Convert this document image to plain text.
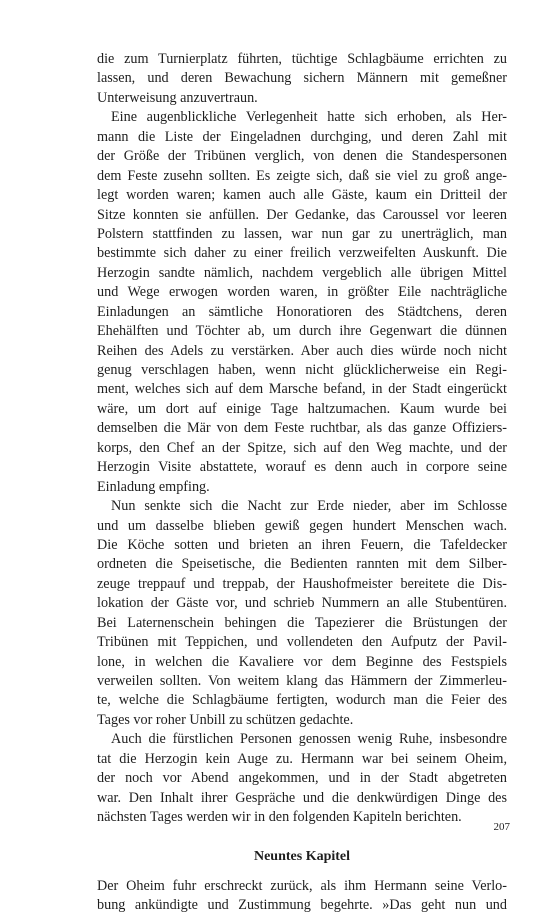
die zum Turnierplatz führten, tüchtige Schlagbäume errichten zu
lassen, und deren Bewachung sichern Männern mit gemeßner
Unterweisung anzuvertraun.
Eine augenblickliche Verlegenheit hatte sich erhoben, als Her-
mann die Liste der Eingeladnen durchging, und deren Zahl mit
der Größe der Tribünen verglich, von denen die Standespersonen
dem Feste zusehn sollten. Es zeigte sich, daß sie viel zu groß ange-
legt worden waren; kamen auch alle Gäste, kaum ein Dritteil der
Sitze konnten sie anfüllen. Der Gedanke, das Caroussel vor leeren
Polstern stattfinden zu lassen, war nun gar zu unerträglich, man
bestimmte sich daher zu einer freilich verzweifelten Auskunft. Die
Herzogin sandte nämlich, nachdem vergeblich alle übrigen Mittel
und Wege erwogen worden waren, in größter Eile nachträgliche
Einladungen an sämtliche Honoratioren des Städtchens, deren
Ehehälften und Töchter ab, um durch ihre Gegenwart die dünnen
Reihen des Adels zu verstärken. Aber auch dies würde noch nicht
genug verschlagen haben, wenn nicht glücklicherweise ein Regi-
ment, welches sich auf dem Marsche befand, in der Stadt eingerückt
wäre, um dort auf einige Tage haltzumachen. Kaum wurde bei
demselben die Mär von dem Feste ruchtbar, als das ganze Offiziers-
korps, den Chef an der Spitze, sich auf den Weg machte, und der
Herzogin Visite abstattete, worauf es denn auch in corpore seine
Einladung empfing.
Nun senkte sich die Nacht zur Erde nieder, aber im Schlosse
und um dasselbe blieben gewiß gegen hundert Menschen wach.
Die Köche sotten und brieten an ihren Feuern, die Tafeldecker
ordneten die Speisetische, die Bedienten rannten mit dem Silber-
zeuge treppauf und treppab, der Haushofmeister bereitete die Dis-
lokation der Gäste vor, und schrieb Nummern an alle Stubentüren.
Bei Laternenschein behingen die Tapezierer die Brüstungen der
Tribünen mit Teppichen, und vollendeten den Aufputz der Pavil-
lone, in welchen die Kavaliere vor dem Beginne des Festspiels
verweilen sollten. Von weitem klang das Hämmern der Zimmerleu-
te, welche die Schlagbäume fertigten, wodurch man die Feier des
Tages vor roher Unbill zu schützen gedachte.
Auch die fürstlichen Personen genossen wenig Ruhe, insbesondre
tat die Herzogin kein Auge zu. Hermann war bei seinem Oheim,
der noch vor Abend angekommen, und in der Stadt abgetreten
war. Den Inhalt ihrer Gespräche und die denkwürdigen Dinge des
nächsten Tages werden wir in den folgenden Kapiteln berichten.
Neuntes Kapitel
Der Oheim fuhr erschreckt zurück, als ihm Hermann seine Verlo-
bung ankündigte und Zustimmung begehrte. »Das geht nun und
207
